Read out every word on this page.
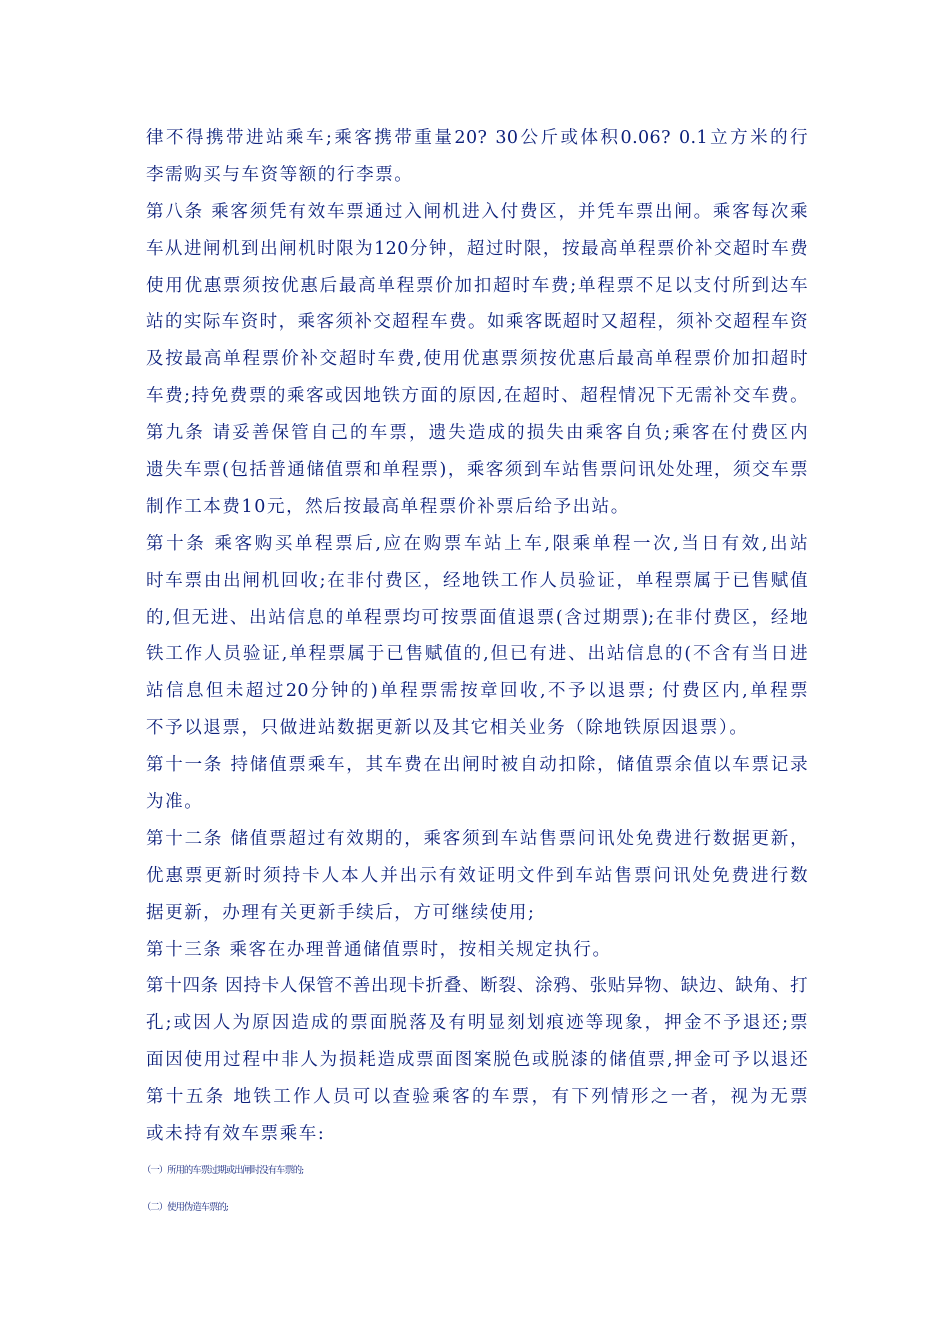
律不得携带进站乘车;乘客携带重量20? 30公斤或体积0.06? 0.1立方米的行
李需购买与车资等额的行李票。
第八条 乘客须凭有效车票通过入闸机进入付费区，并凭车票出闸。乘客每次乘
车从进闸机到出闸机时限为120分钟，超过时限，按最高单程票价补交超时车费
使用优惠票须按优惠后最高单程票价加扣超时车费;单程票不足以支付所到达车
站的实际车资时，乘客须补交超程车费。如乘客既超时又超程，须补交超程车资
及按最高单程票价补交超时车费,使用优惠票须按优惠后最高单程票价加扣超时
车费;持免费票的乘客或因地铁方面的原因,在超时、超程情况下无需补交车费。
第九条 请妥善保管自己的车票，遗失造成的损失由乘客自负;乘客在付费区内
遗失车票(包括普通储值票和单程票)，乘客须到车站售票问讯处处理，须交车票
制作工本费10元，然后按最高单程票价补票后给予出站。
第十条 乘客购买单程票后,应在购票车站上车,限乘单程一次,当日有效,出站
时车票由出闸机回收;在非付费区，经地铁工作人员验证，单程票属于已售赋值
的,但无进、出站信息的单程票均可按票面值退票(含过期票);在非付费区，经地
铁工作人员验证,单程票属于已售赋值的,但已有进、出站信息的(不含有当日进
站信息但未超过20分钟的)单程票需按章回收,不予以退票; 付费区内,单程票
不予以退票，只做进站数据更新以及其它相关业务（除地铁原因退票）。
第十一条 持储值票乘车，其车费在出闸时被自动扣除，储值票余值以车票记录
为准。
第十二条 储值票超过有效期的，乘客须到车站售票问讯处免费进行数据更新，
优惠票更新时须持卡人本人并出示有效证明文件到车站售票问讯处免费进行数
据更新，办理有关更新手续后，方可继续使用;
第十三条 乘客在办理普通储值票时，按相关规定执行。
第十四条 因持卡人保管不善出现卡折叠、断裂、涂鸦、张贴异物、缺边、缺角、打
孔;或因人为原因造成的票面脱落及有明显刻划痕迹等现象，押金不予退还;票
面因使用过程中非人为损耗造成票面图案脱色或脱漆的储值票,押金可予以退还
第十五条 地铁工作人员可以查验乘客的车票，有下列情形之一者，视为无票
或未持有效车票乘车:
（一）所用的车票过期或出闸时没有车票的;
（二）使用伪造车票的;
